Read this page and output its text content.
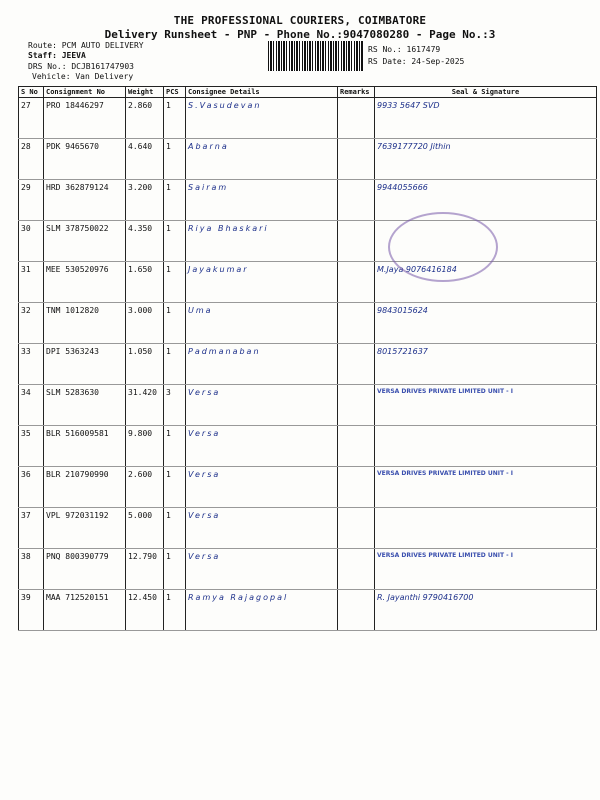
THE PROFESSIONAL COURIERS, COIMBATORE
Delivery Runsheet - PNP - Phone No.:9047080280 - Page No.:3
Route: PCM AUTO DELIVERY
Staff: JEEVA
DRS No.: DCJB161747903
Vehicle: Van Delivery
RS No.: 1617479
RS Date: 24-Sep-2025
S No	Consignment No	Weight	PCS	Consignee Details	Remarks	Seal & Signature
27	PRO 18446297	2.860	1	S.Vasudevan		9933 5647 SVD
28	PDK 9465670	4.640	1	Abarna		7639177720 Jithin
29	HRD 362879124	3.200	1	Sairam		9944055666
30	SLM 378750022	4.350	1	Riya Bhaskari		
31	MEE 530520976	1.650	1	Jayakumar		M.Jaya 9076416184
32	TNM 1012820	3.000	1	Uma		9843015624
33	DPI 5363243	1.050	1	Padmanaban		8015721637
34	SLM 5283630	31.420	3	Versa		VERSA DRIVES PRIVATE LIMITED UNIT - I
35	BLR 516009581	9.800	1	Versa		
36	BLR 210790990	2.600	1	Versa		VERSA DRIVES PRIVATE LIMITED UNIT - I
37	VPL 972031192	5.000	1	Versa		
38	PNQ 800390779	12.790	1	Versa		VERSA DRIVES PRIVATE LIMITED UNIT - I
39	MAA 712520151	12.450	1	Ramya Rajagopal		R. Jayanthi 9790416700
